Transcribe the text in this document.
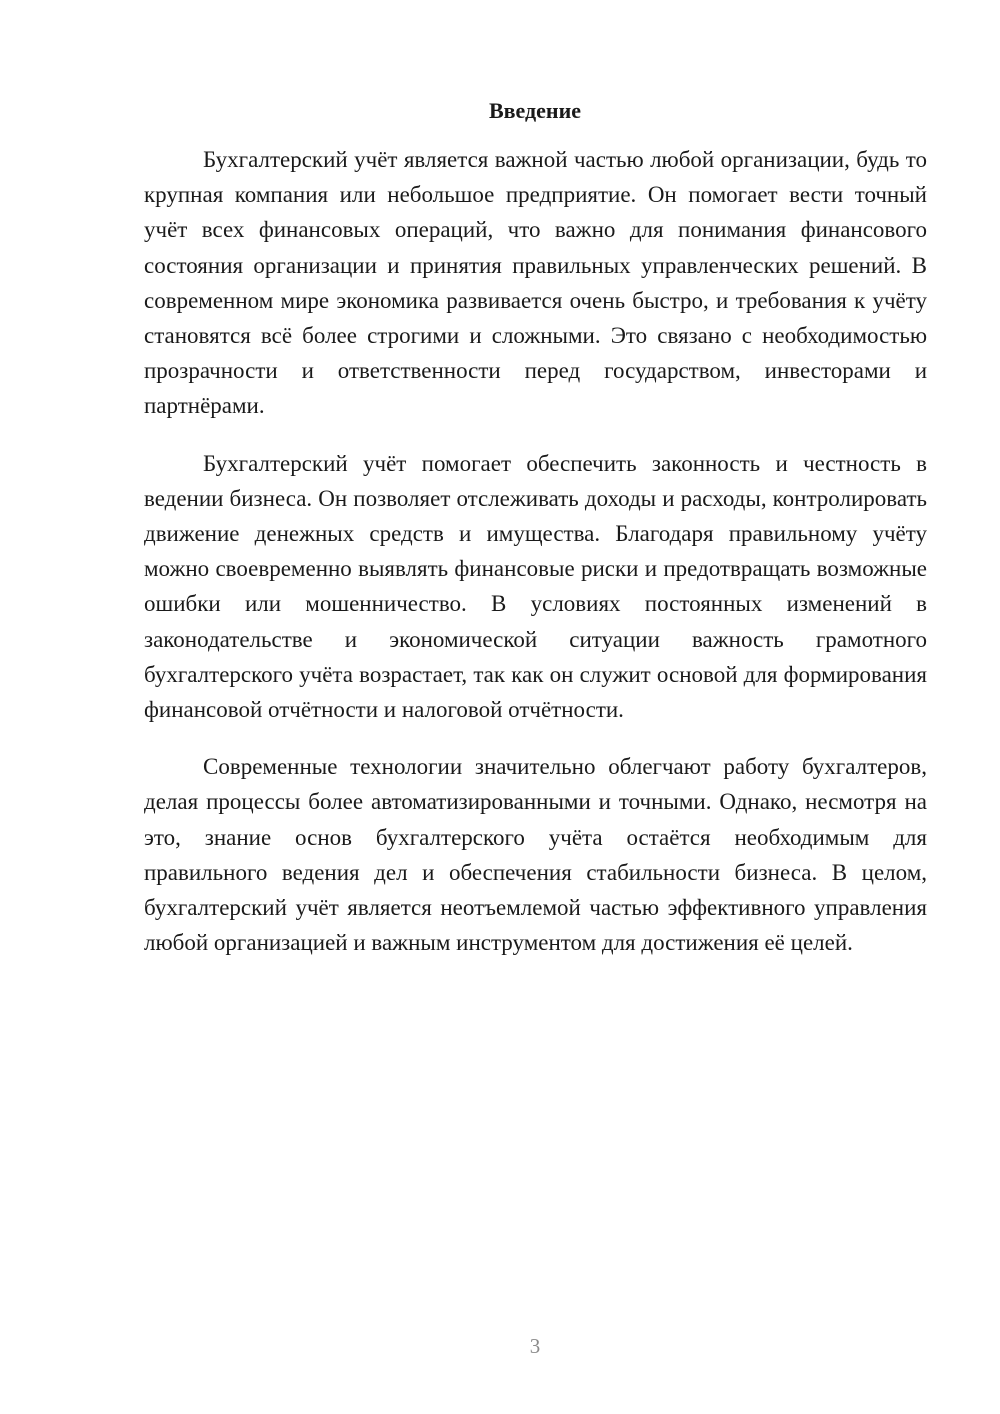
Введение

Бухгалтерский учёт является важной частью любой организации, будь то крупная компания или небольшое предприятие. Он помогает вести точный учёт всех финансовых операций, что важно для понимания финансового состояния организации и принятия правильных управленческих решений. В современном мире экономика развивается очень быстро, и требования к учёту становятся всё более строгими и сложными. Это связано с необходимостью прозрачности и ответственности перед государством, инвесторами и партнёрами.

Бухгалтерский учёт помогает обеспечить законность и честность в ведении бизнеса. Он позволяет отслеживать доходы и расходы, контролировать движение денежных средств и имущества. Благодаря правильному учёту можно своевременно выявлять финансовые риски и предотвращать возможные ошибки или мошенничество. В условиях постоянных изменений в законодательстве и экономической ситуации важность грамотного бухгалтерского учёта возрастает, так как он служит основой для формирования финансовой отчётности и налоговой отчётности.

Современные технологии значительно облегчают работу бухгалтеров, делая процессы более автоматизированными и точными. Однако, несмотря на это, знание основ бухгалтерского учёта остаётся необходимым для правильного ведения дел и обеспечения стабильности бизнеса. В целом, бухгалтерский учёт является неотъемлемой частью эффективного управления любой организацией и важным инструментом для достижения её целей.

3
